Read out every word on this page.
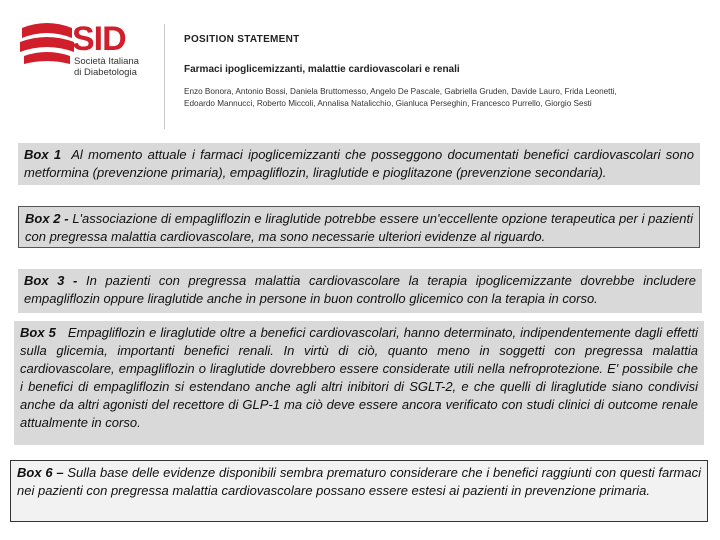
SID
Società Italiana
di Diabetologia
POSITION STATEMENT
Farmaci ipoglicemizzanti, malattie cardiovascolari e renali
Enzo Bonora, Antonio Bossi, Daniela Bruttomesso, Angelo De Pascale, Gabriella Gruden, Davide Lauro, Frida Leonetti, Edoardo Mannucci, Roberto Miccoli, Annalisa Natalicchio, Gianluca Perseghin, Francesco Purrello, Giorgio Sesti
Box 1 Al momento attuale i farmaci ipoglicemizzanti che posseggono documentati benefici cardiovascolari sono metformina (prevenzione primaria), empagliflozin, liraglutide e pioglitazone (prevenzione secondaria).
Box 2 - L'associazione di empagliflozin e liraglutide potrebbe essere un'eccellente opzione terapeutica per i pazienti con pregressa malattia cardiovascolare, ma sono necessarie ulteriori evidenze al riguardo.
Box 3 - In pazienti con pregressa malattia cardiovascolare la terapia ipoglicemizzante dovrebbe includere empagliflozin oppure liraglutide anche in persone in buon controllo glicemico con la terapia in corso.
Box 5 Empagliflozin e liraglutide oltre a benefici cardiovascolari, hanno determinato, indipendentemente dagli effetti sulla glicemia, importanti benefici renali. In virtù di ciò, quanto meno in soggetti con pregressa malattia cardiovascolare, empagliflozin o liraglutide dovrebbero essere considerate utili nella nefroprotezione. E' possibile che i benefici di empagliflozin si estendano anche agli altri inibitori di SGLT-2, e che quelli di liraglutide siano condivisi anche da altri agonisti del recettore di GLP-1 ma ciò deve essere ancora verificato con studi clinici di outcome renale attualmente in corso.
Box 6 – Sulla base delle evidenze disponibili sembra prematuro considerare che i benefici raggiunti con questi farmaci nei pazienti con pregressa malattia cardiovascolare possano essere estesi ai pazienti in prevenzione primaria.
